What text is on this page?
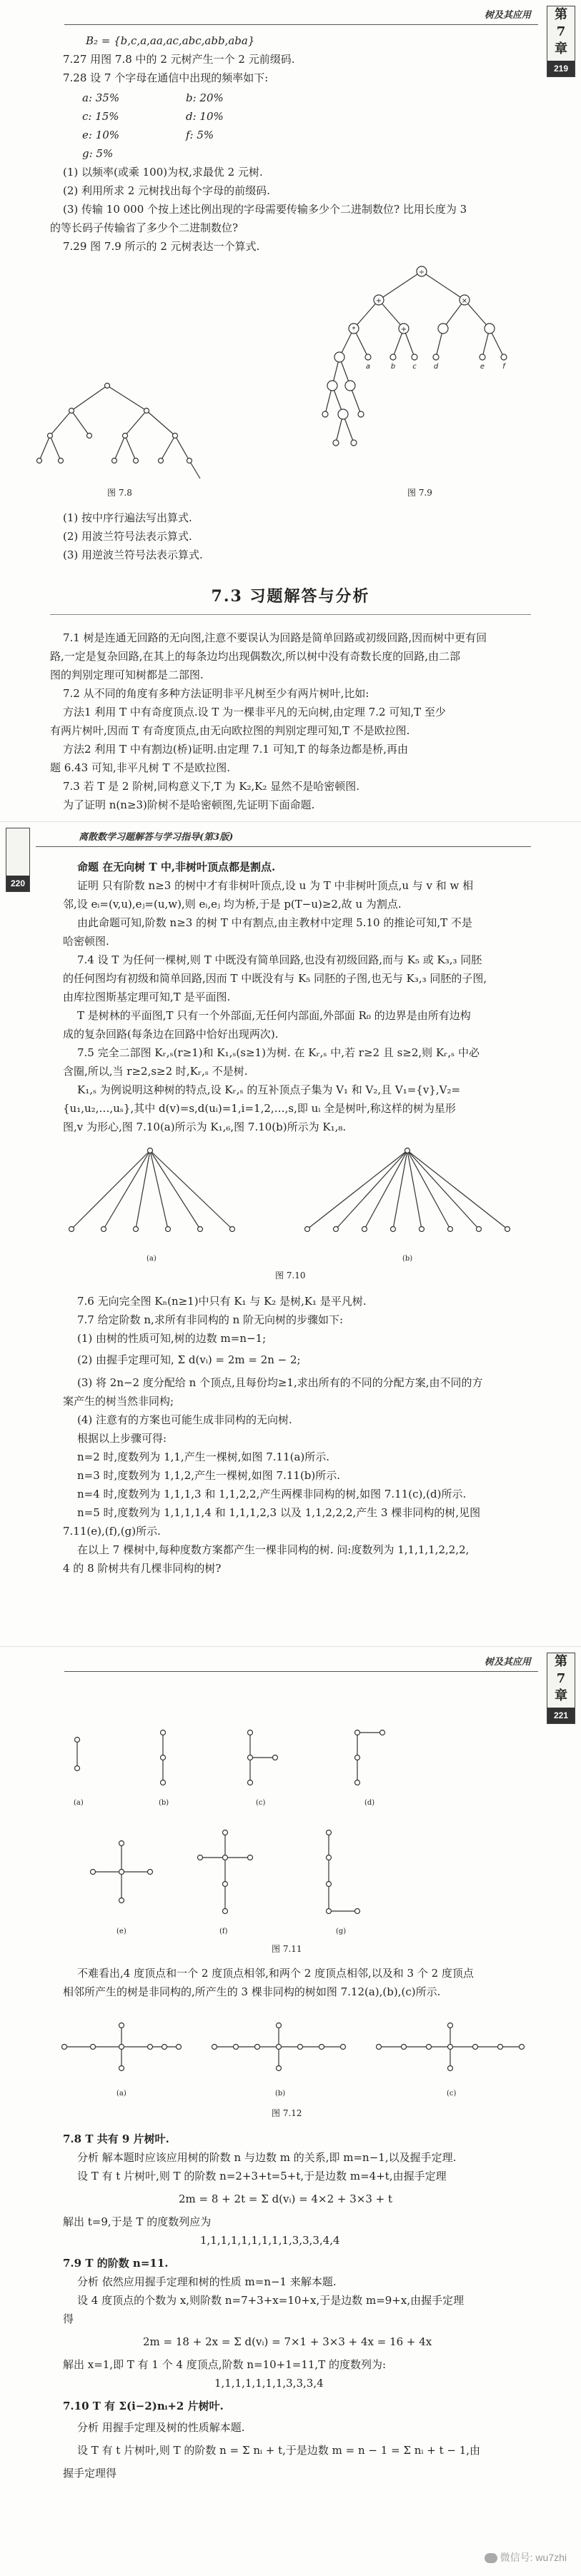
树及其应用	第
7
章
219
B₂ = {b,c,a,aa,ac,abc,abb,aba}
7.27 用图 7.8 中的 2 元树产生一个 2 元前缀码.
7.28 设 7 个字母在通信中出现的频率如下:
a: 35%	b: 20%
c: 15%	d: 10%
e: 10%	f: 5%
g: 5%
(1) 以频率(或乘 100)为权,求最优 2 元树.
(2) 利用所求 2 元树找出每个字母的前缀码.
(3) 传输 10 000 个按上述比例出现的字母需要传输多少个二进制数位? 比用长度为 3
的等长码子传输省了多少个二进制数位?
7.29 图 7.9 所示的 2 元树表达一个算式.
图 7.8
÷
+	×
*	+
a	b c d	e	f
图 7.9
(1) 按中序行遍法写出算式.
(2) 用波兰符号法表示算式.
(3) 用逆波兰符号法表示算式.
7.3 习题解答与分析
7.1 树是连通无回路的无向图,注意不要误认为回路是简单回路或初级回路,因而树中更有回
路,一定是复杂回路,在其上的每条边均出现偶数次,所以树中没有奇数长度的回路,由二部
图的判别定理可知树都是二部图.
7.2 从不同的角度有多种方法证明非平凡树至少有两片树叶,比如:
方法1 利用 T 中有奇度顶点.设 T 为一棵非平凡的无向树,由定理 7.2 可知,T 至少
有两片树叶,因而 T 有奇度顶点,由无向欧拉图的判别定理可知,T 不是欧拉图.
方法2 利用 T 中有割边(桥)证明.由定理 7.1 可知,T 的每条边都是桥,再由
题 6.43 可知,非平凡树 T 不是欧拉图.
7.3 若 T 是 2 阶树,同构意义下,T 为 K₂,K₂ 显然不是哈密顿图.
为了证明 n(n≥3)阶树不是哈密顿图,先证明下面命题.
220
离散数学习题解答与学习指导(第3版)
命题 在无向树 T 中,非树叶顶点都是割点.
证明 只有阶数 n≥3 的树中才有非树叶顶点,设 u 为 T 中非树叶顶点,u 与 v 和 w 相
邻,设 eᵢ=(v,u),eⱼ=(u,w),则 eᵢ,eⱼ 均为桥,于是 p(T−u)≥2,故 u 为割点.
由此命题可知,阶数 n≥3 的树 T 中有割点,由主教材中定理 5.10 的推论可知,T 不是
哈密顿图.
7.4 设 T 为任何一棵树,则 T 中既没有简单回路,也没有初级回路,而与 K₅ 或 K₃,₃ 同胚
的任何图均有初级和简单回路,因而 T 中既没有与 K₅ 同胚的子图,也无与 K₃,₃ 同胚的子图,
由库拉图斯基定理可知,T 是平面图.
T 是树林的平面图,T 只有一个外部面,无任何内部面,外部面 R₀ 的边界是由所有边构
成的复杂回路(每条边在回路中恰好出现两次).
7.5 完全二部图 Kᵣ,ₛ(r≥1)和 K₁,ₛ(s≥1)为树. 在 Kᵣ,ₛ 中,若 r≥2 且 s≥2,则 Kᵣ,ₛ 中必
含圈,所以,当 r≥2,s≥2 时,Kᵣ,ₛ 不是树.
K₁,ₛ 为例说明这种树的特点,设 Kᵣ,ₛ 的互补顶点子集为 V₁ 和 V₂,且 V₁={v},V₂=
{u₁,u₂,…,uₛ},其中 d(v)=s,d(uᵢ)=1,i=1,2,…,s,即 uᵢ 全是树叶,称这样的树为星形
图,v 为形心,图 7.10(a)所示为 K₁,₆,图 7.10(b)所示为 K₁,₈.
(a)	(b)
图 7.10
7.6 无向完全图 Kₙ(n≥1)中只有 K₁ 与 K₂ 是树,K₁ 是平凡树.
7.7 给定阶数 n,求所有非同构的 n 阶无向树的步骤如下:
(1) 由树的性质可知,树的边数 m=n−1;
(2) 由握手定理可知, Σ d(vᵢ) = 2m = 2n − 2;
(3) 将 2n−2 度分配给 n 个顶点,且每份均≥1,求出所有的不同的分配方案,由不同的方
案产生的树当然非同构;
(4) 注意有的方案也可能生成非同构的无向树.
根据以上步骤可得:
n=2 时,度数列为 1,1,产生一棵树,如图 7.11(a)所示.
n=3 时,度数列为 1,1,2,产生一棵树,如图 7.11(b)所示.
n=4 时,度数列为 1,1,1,3 和 1,1,2,2,产生两棵非同构的树,如图 7.11(c),(d)所示.
n=5 时,度数列为 1,1,1,1,4 和 1,1,1,2,3 以及 1,1,2,2,2,产生 3 棵非同构的树,见图
7.11(e),(f),(g)所示.
在以上 7 棵树中,每种度数方案都产生一棵非同构的树. 问:度数列为 1,1,1,1,2,2,2,
4 的 8 阶树共有几棵非同构的树?
树及其应用	第
7
章
221
(a)	(b)	(c)	(d)
(e)	(f)	(g)
图 7.11
不难看出,4 度顶点和一个 2 度顶点相邻,和两个 2 度顶点相邻,以及和 3 个 2 度顶点
相邻所产生的树是非同构的,所产生的 3 棵非同构的树如图 7.12(a),(b),(c)所示.
(a)	(b)	(c)
图 7.12
7.8 T 共有 9 片树叶.
分析 解本题时应该应用树的阶数 n 与边数 m 的关系,即 m=n−1,以及握手定理.
设 T 有 t 片树叶,则 T 的阶数 n=2+3+t=5+t,于是边数 m=4+t,由握手定理
2m = 8 + 2t = Σ d(vᵢ) = 4×2 + 3×3 + t
解出 t=9,于是 T 的度数列应为
1,1,1,1,1,1,1,1,1,3,3,3,4,4
7.9 T 的阶数 n=11.
分析 依然应用握手定理和树的性质 m=n−1 来解本题.
设 4 度顶点的个数为 x,则阶数 n=7+3+x=10+x,于是边数 m=9+x,由握手定理
得
2m = 18 + 2x = Σ d(vᵢ) = 7×1 + 3×3 + 4x = 16 + 4x
解出 x=1,即 T 有 1 个 4 度顶点,阶数 n=10+1=11,T 的度数列为:
1,1,1,1,1,1,1,3,3,3,4
7.10 T 有 Σ(i−2)nᵢ+2 片树叶.
分析 用握手定理及树的性质解本题.
设 T 有 t 片树叶,则 T 的阶数 n = Σ nᵢ + t,于是边数 m = n − 1 = Σ nᵢ + t − 1,由
握手定理得
微信号: wu7zhi
